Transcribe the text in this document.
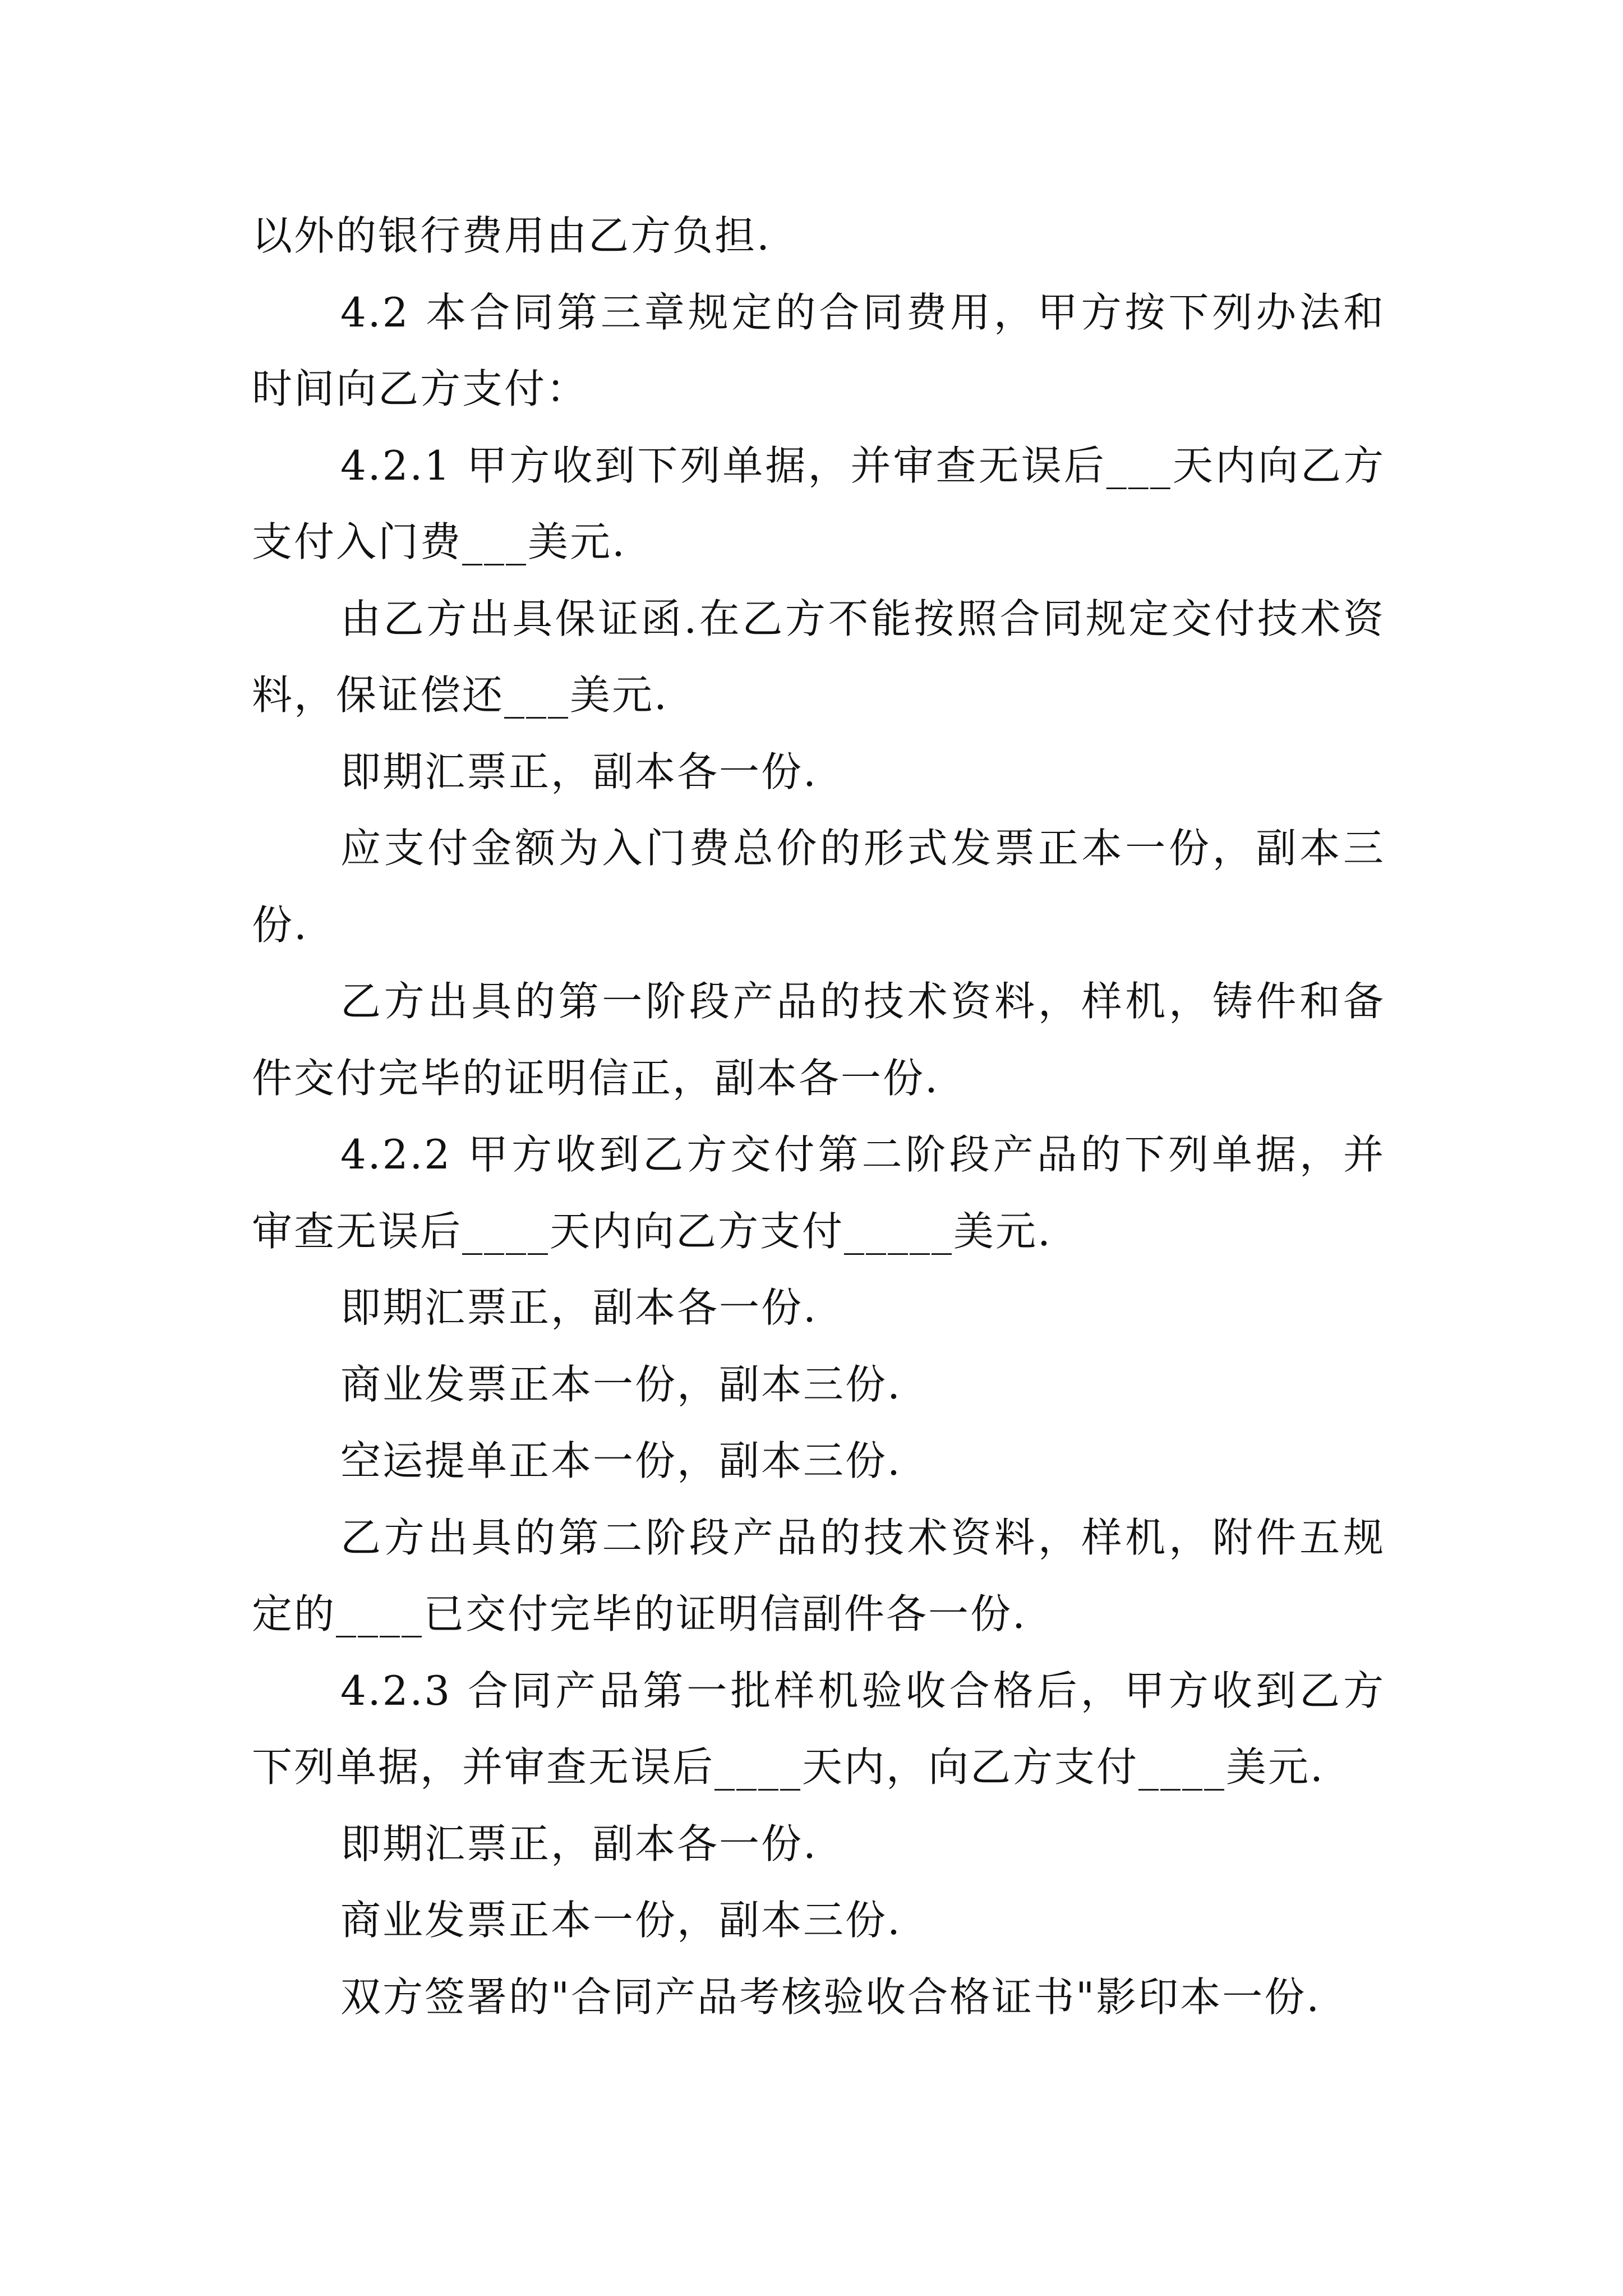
以外的银行费用由乙方负担.

4.2 本合同第三章规定的合同费用，甲方按下列办法和时间向乙方支付：

4.2.1 甲方收到下列单据，并审查无误后___天内向乙方支付入门费___美元.

由乙方出具保证函.在乙方不能按照合同规定交付技术资料，保证偿还___美元.

即期汇票正，副本各一份.

应支付金额为入门费总价的形式发票正本一份，副本三份.

乙方出具的第一阶段产品的技术资料，样机，铸件和备件交付完毕的证明信正，副本各一份.

4.2.2 甲方收到乙方交付第二阶段产品的下列单据，并审查无误后____天内向乙方支付_____美元.

即期汇票正，副本各一份.

商业发票正本一份，副本三份.

空运提单正本一份，副本三份.

乙方出具的第二阶段产品的技术资料，样机，附件五规定的____已交付完毕的证明信副件各一份.

4.2.3 合同产品第一批样机验收合格后，甲方收到乙方下列单据，并审查无误后____天内，向乙方支付____美元.

即期汇票正，副本各一份.

商业发票正本一份，副本三份.

双方签署的"合同产品考核验收合格证书"影印本一份.
